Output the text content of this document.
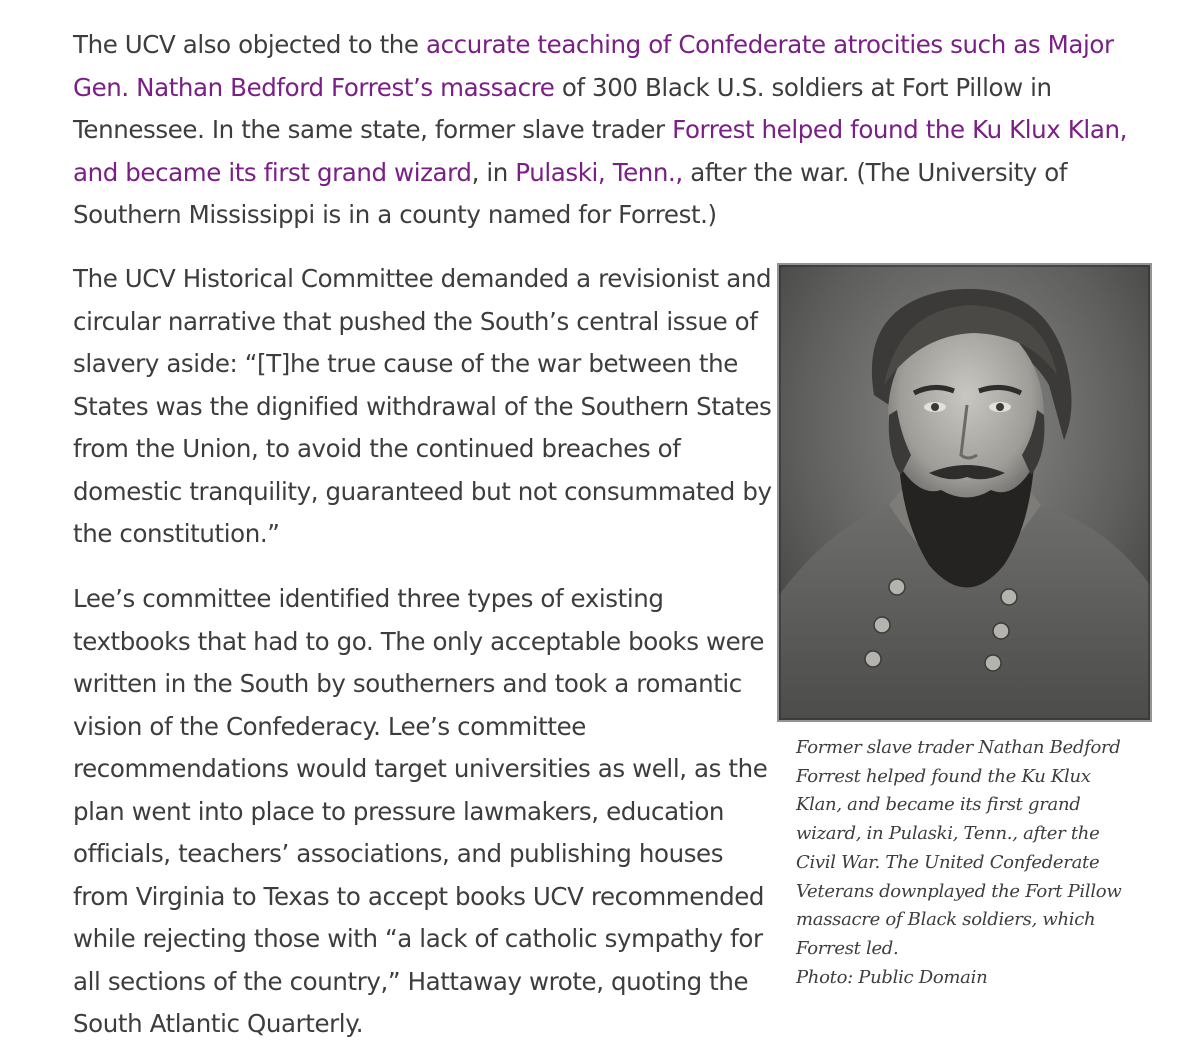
The UCV also objected to the accurate teaching of Confederate atrocities such as Major Gen. Nathan Bedford Forrest’s massacre of 300 Black U.S. soldiers at Fort Pillow in Tennessee. In the same state, former slave trader Forrest helped found the Ku Klux Klan, and became its first grand wizard, in Pulaski, Tenn., after the war. (The University of Southern Mississippi is in a county named for Forrest.)

The UCV Historical Committee demanded a revisionist and circular narrative that pushed the South’s central issue of slavery aside: “[T]he true cause of the war between the States was the dignified withdrawal of the Southern States from the Union, to avoid the continued breaches of domestic tranquility, guaranteed but not consummated by the constitution.”

Lee’s committee identified three types of existing textbooks that had to go. The only acceptable books were written in the South by southerners and took a romantic vision of the Confederacy. Lee’s committee recommendations would target universities as well, as the plan went into place to pressure lawmakers, education officials, teachers’ associations, and publishing houses from Virginia to Texas to accept books UCV recommended while rejecting those with “a lack of catholic sympathy for all sections of the country,” Hattaway wrote, quoting the South Atlantic Quarterly.

Former slave trader Nathan Bedford Forrest helped found the Ku Klux Klan, and became its first grand wizard, in Pulaski, Tenn., after the Civil War. The United Confederate Veterans downplayed the Fort Pillow massacre of Black soldiers, which Forrest led.
Photo: Public Domain
